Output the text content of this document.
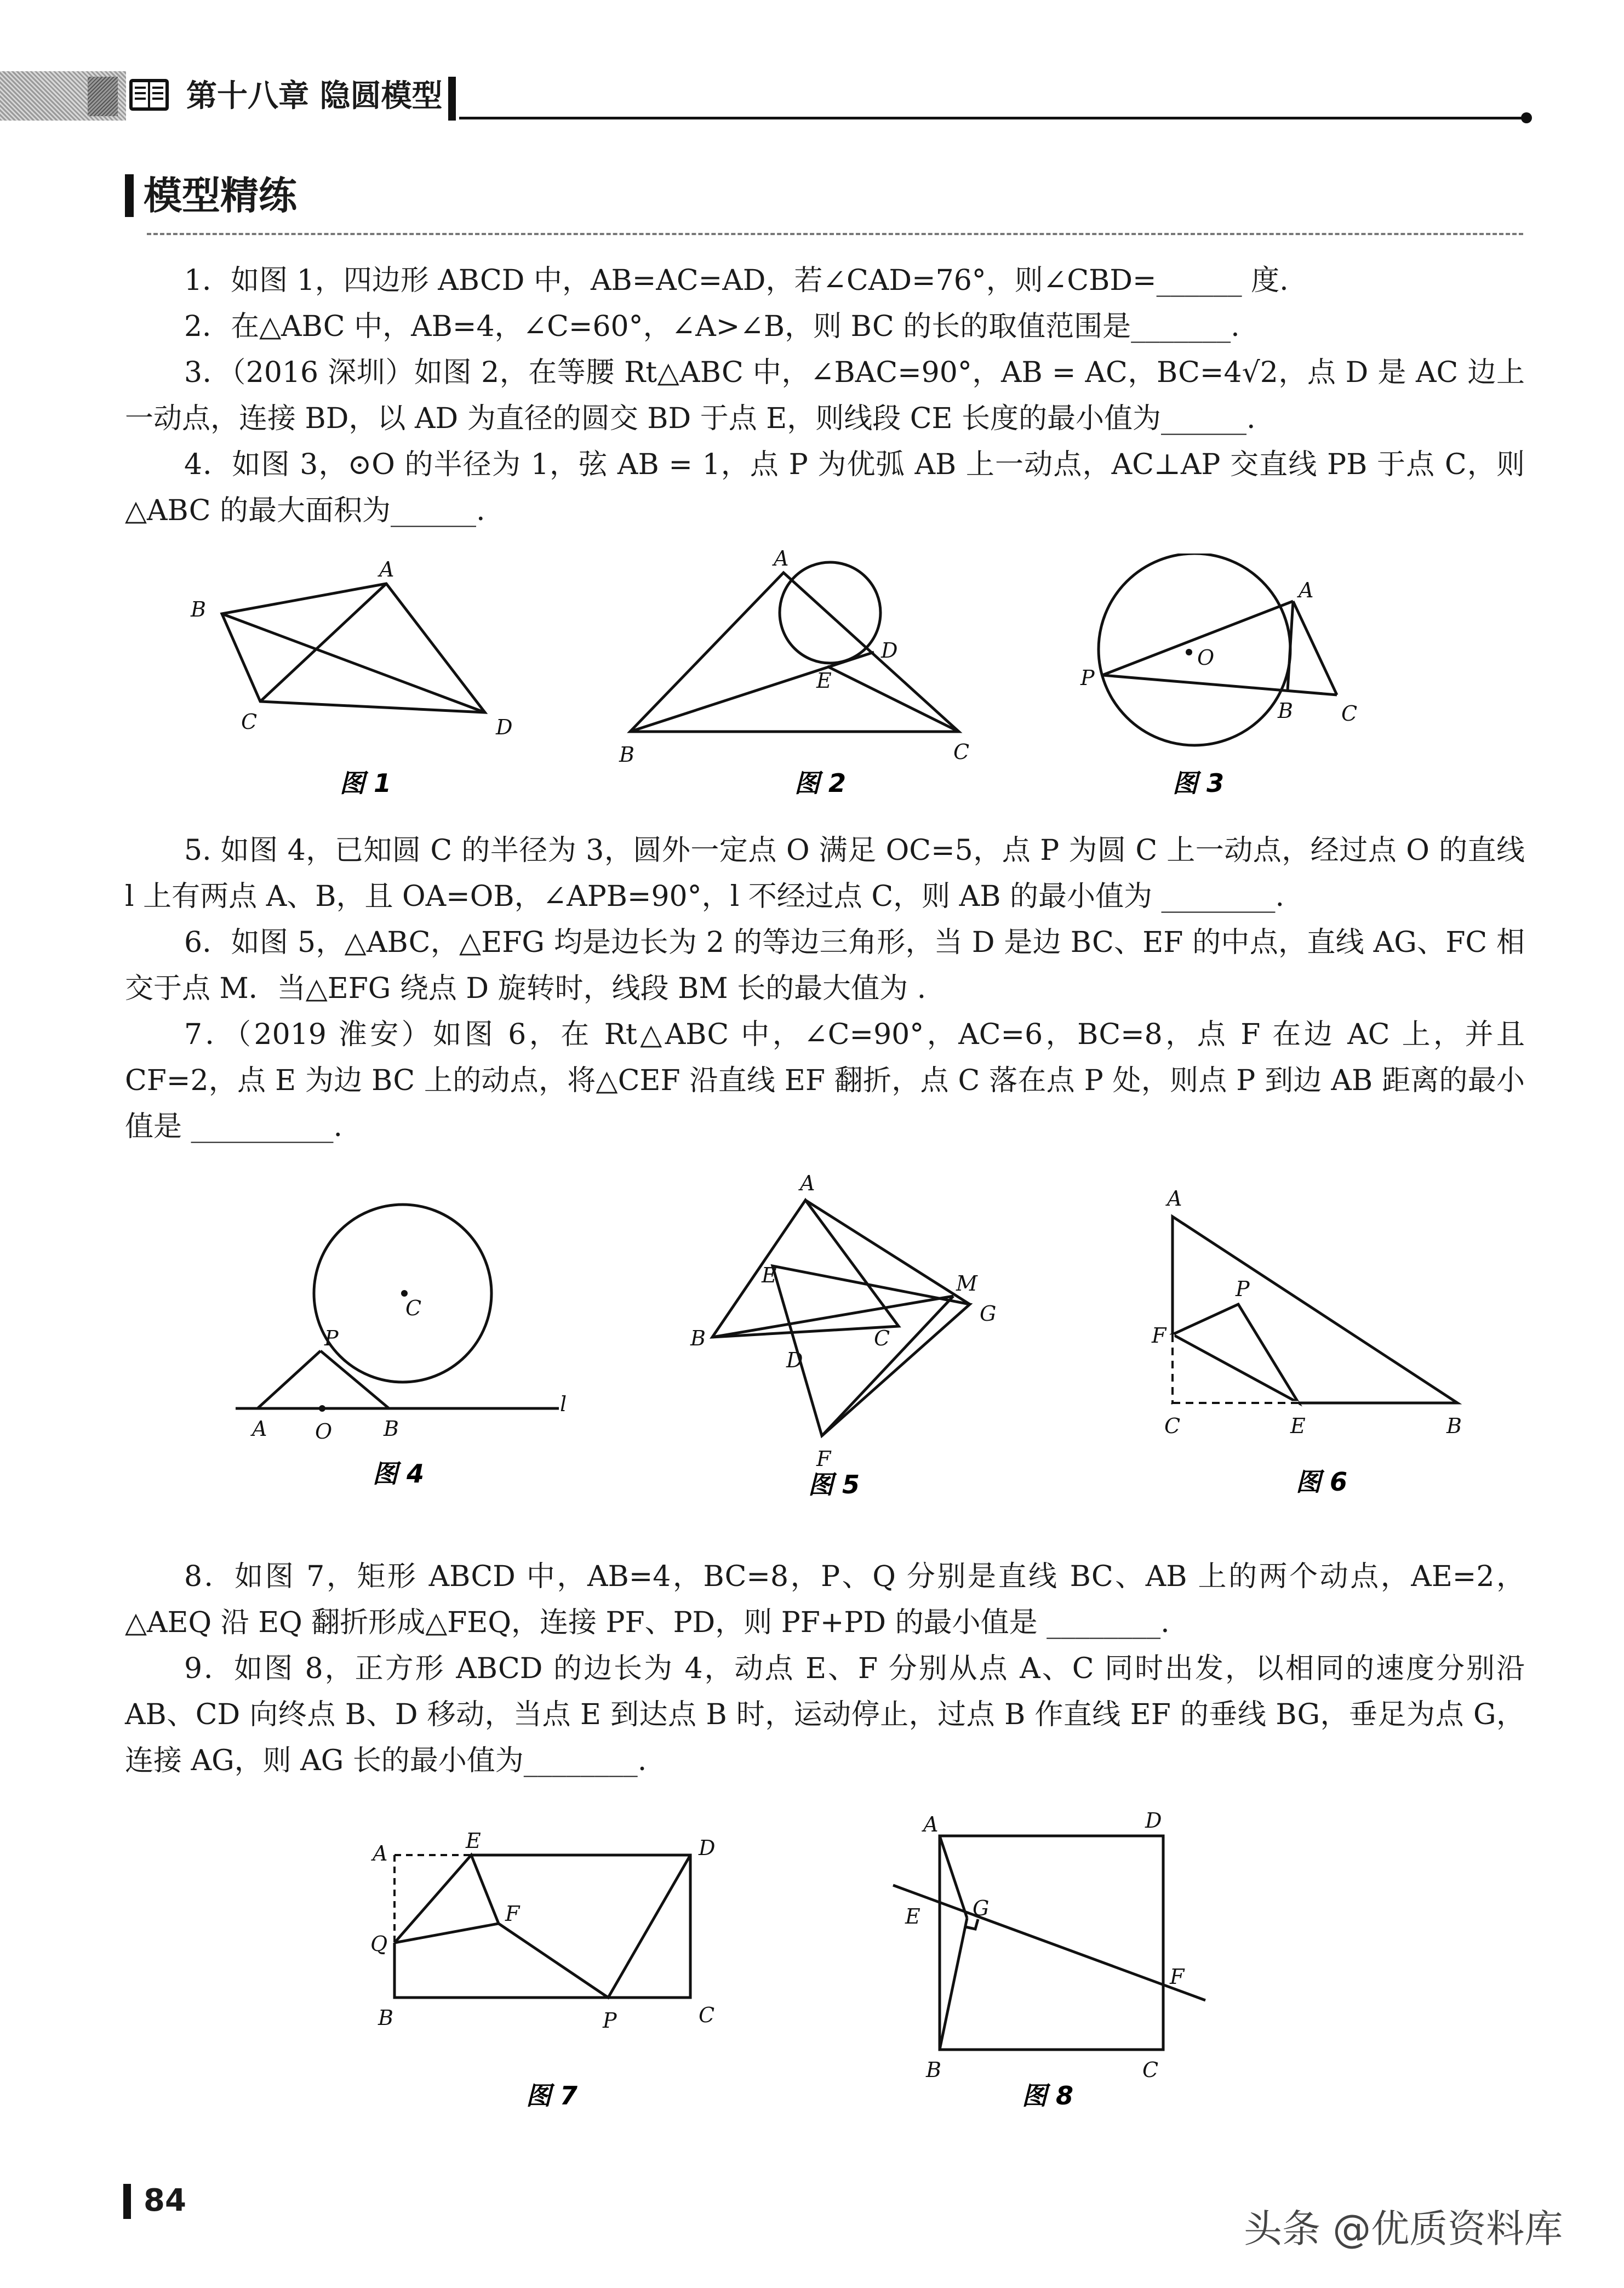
第十八章 隐圆模型
模型精练

1．如图 1，四边形 ABCD 中，AB=AC=AD，若∠CAD=76°，则∠CBD=______ 度.

2．在△ABC 中，AB=4，∠C=60°，∠A>∠B，则 BC 的长的取值范围是_______.

3．（2016 深圳）如图 2，在等腰 Rt△ABC 中，∠BAC=90°，AB = AC，BC=4√2，点 D 是 AC 边上一动点，连接 BD，以 AD 为直径的圆交 BD 于点 E，则线段 CE 长度的最小值为______.

4．如图 3，⊙O 的半径为 1，弦 AB = 1，点 P 为优弧 AB 上一动点，AC⊥AP 交直线 PB 于点 C，则△ABC 的最大面积为______.

A
B
C	D
图 1
A
B	C
D
E
图 2
A
B C
O
P
图 3

5. 如图 4，已知圆 C 的半径为 3，圆外一定点 O 满足 OC=5，点 P 为圆 C 上一动点，经过点 O 的直线 l 上有两点 A、B，且 OA=OB，∠APB=90°，l 不经过点 C，则 AB 的最小值为 ________.

6．如图 5，△ABC，△EFG 均是边长为 2 的等边三角形，当 D 是边 BC、EF 的中点，直线 AG、FC 相交于点 M．当△EFG 绕点 D 旋转时，线段 BM 长的最大值为 .

7．（2019 淮安）如图 6，在 Rt△ABC 中，∠C=90°，AC=6，BC=8，点 F 在边 AC 上，并且 CF=2，点 E 为边 BC 上的动点，将△CEF 沿直线 EF 翻折，点 C 落在点 P 处，则点 P 到边 AB 距离的最小值是 __________.

A	B
C
O
P
l
图 4
A
B	C
D
E
F
G
M
图 5
A
B
C	E
F
P
图 6

8．如图 7，矩形 ABCD 中，AB=4，BC=8，P、Q 分别是直线 BC、AB 上的两个动点，AE=2，△AEQ 沿 EQ 翻折形成△FEQ，连接 PF、PD，则 PF+PD 的最小值是 ________.

9．如图 8，正方形 ABCD 的边长为 4，动点 E、F 分别从点 A、C 同时出发，以相同的速度分别沿 AB、CD 向终点 B、D 移动，当点 E 到达点 B 时，运动停止，过点 B 作直线 EF 的垂线 BG，垂足为点 G，连接 AG，则 AG 长的最小值为________.

A
B	C
D
E
F
P
Q
图 7
A
B	C
D
E
F
G
图 8
84
头条 @优质资料库
